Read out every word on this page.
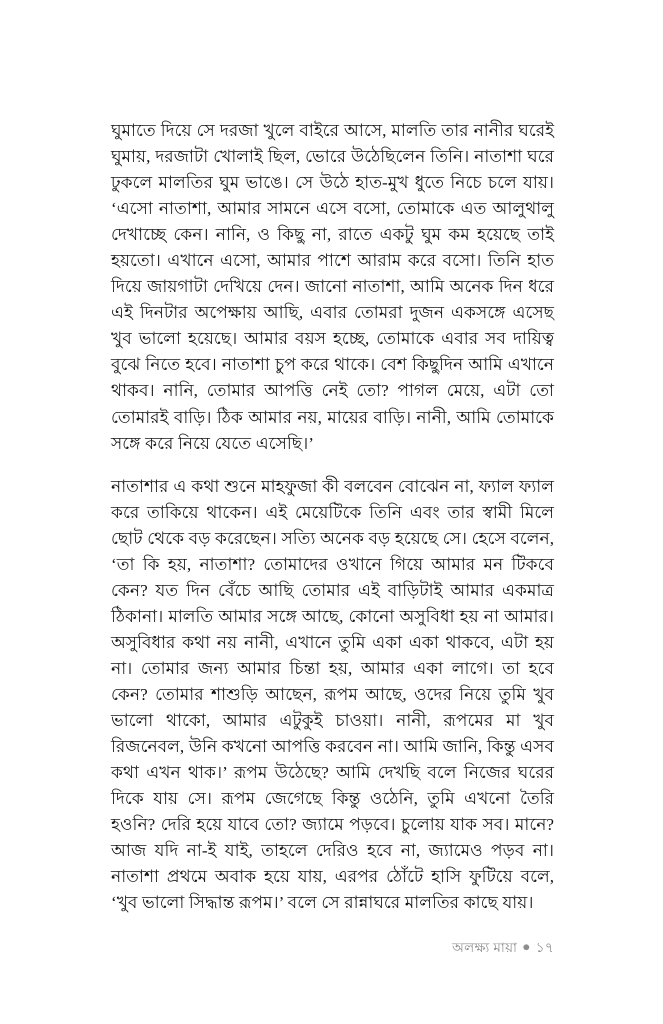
ঘুমাতে দিয়ে সে দরজা খুলে বাইরে আসে, মালতি তার নানীর ঘরেই ঘুমায়, দরজাটা খোলাই ছিল, ভোরে উঠেছিলেন তিনি। নাতাশা ঘরে ঢুকলে মালতির ঘুম ভাঙে। সে উঠে হাত-মুখ ধুতে নিচে চলে যায়। ‘এসো নাতাশা, আমার সামনে এসে বসো, তোমাকে এত আলুথালু দেখাচ্ছে কেন। নানি, ও কিছু না, রাতে একটু ঘুম কম হয়েছে তাই হয়তো। এখানে এসো, আমার পাশে আরাম করে বসো। তিনি হাত দিয়ে জায়গাটা দেখিয়ে দেন। জানো নাতাশা, আমি অনেক দিন ধরে এই দিনটার অপেক্ষায় আছি, এবার তোমরা দুজন একসঙ্গে এসেছ খুব ভালো হয়েছে। আমার বয়স হচ্ছে, তোমাকে এবার সব দায়িত্ব বুঝে নিতে হবে। নাতাশা চুপ করে থাকে। বেশ কিছুদিন আমি এখানে থাকব। নানি, তোমার আপত্তি নেই তো? পাগল মেয়ে, এটা তো তোমারই বাড়ি। ঠিক আমার নয়, মায়ের বাড়ি। নানী, আমি তোমাকে সঙ্গে করে নিয়ে যেতে এসেছি।’

নাতাশার এ কথা শুনে মাহফুজা কী বলবেন বোঝেন না, ফ্যাল ফ্যাল করে তাকিয়ে থাকেন। এই মেয়েটিকে তিনি এবং তার স্বামী মিলে ছোট থেকে বড় করেছেন। সত্যি অনেক বড় হয়েছে সে। হেসে বলেন, ‘তা কি হয়, নাতাশা? তোমাদের ওখানে গিয়ে আমার মন টিকবে কেন? যত দিন বেঁচে আছি তোমার এই বাড়িটাই আমার একমাত্র ঠিকানা। মালতি আমার সঙ্গে আছে, কোনো অসুবিধা হয় না আমার। অসুবিধার কথা নয় নানী, এখানে তুমি একা একা থাকবে, এটা হয় না। তোমার জন্য আমার চিন্তা হয়, আমার একা লাগে। তা হবে কেন? তোমার শাশুড়ি আছেন, রূপম আছে, ওদের নিয়ে তুমি খুব ভালো থাকো, আমার এটুকুই চাওয়া। নানী, রূপমের মা খুব রিজনেবল, উনি কখনো আপত্তি করবেন না। আমি জানি, কিন্তু এসব কথা এখন থাক।’ রূপম উঠেছে? আমি দেখছি বলে নিজের ঘরের দিকে যায় সে। রূপম জেগেছে কিন্তু ওঠেনি, তুমি এখনো তৈরি হওনি? দেরি হয়ে যাবে তো? জ্যামে পড়বে। চুলোয় যাক সব। মানে? আজ যদি না-ই যাই, তাহলে দেরিও হবে না, জ্যামেও পড়ব না। নাতাশা প্রথমে অবাক হয়ে যায়, এরপর ঠোঁটে হাসি ফুটিয়ে বলে, ‘খুব ভালো সিদ্ধান্ত রূপম।’ বলে সে রান্নাঘরে মালতির কাছে যায়।

অলক্ষ্য মায়া ● ১৭
